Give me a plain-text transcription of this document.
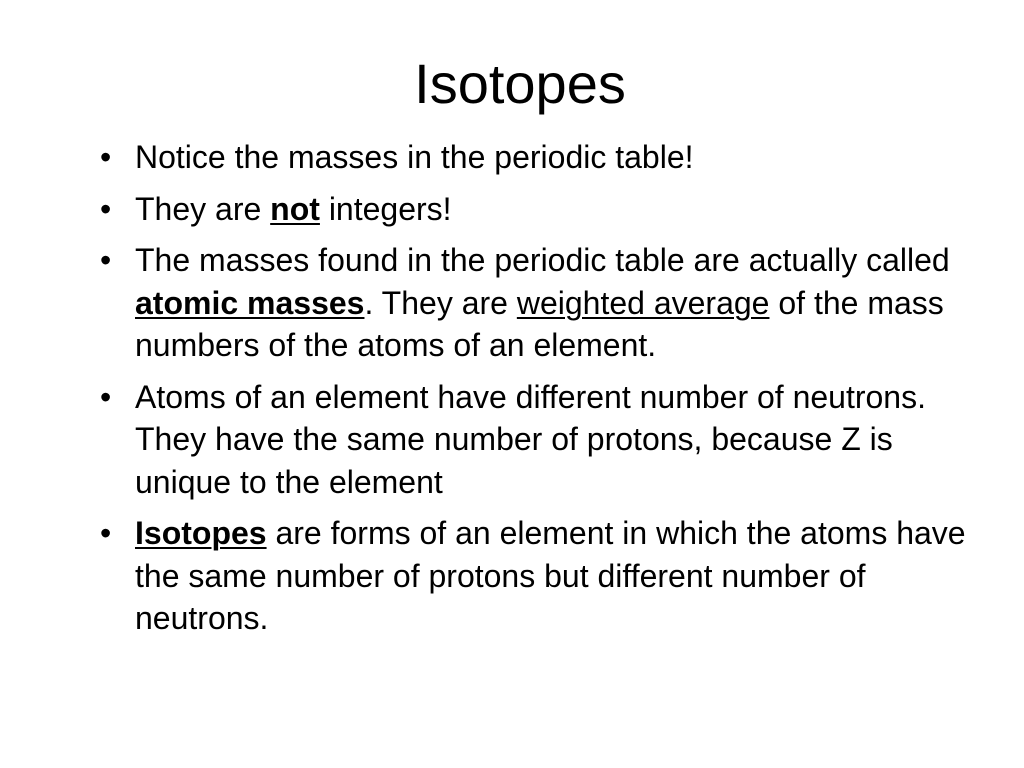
Isotopes
• Notice the masses in the periodic table!
• They are not integers!
• The masses found in the periodic table are actually called atomic masses. They are weighted average of the mass numbers of the atoms of an element.
• Atoms of an element have different number of neutrons. They have the same number of protons, because Z is unique to the element
• Isotopes are forms of an element in which the atoms have the same number of protons but different number of neutrons.
